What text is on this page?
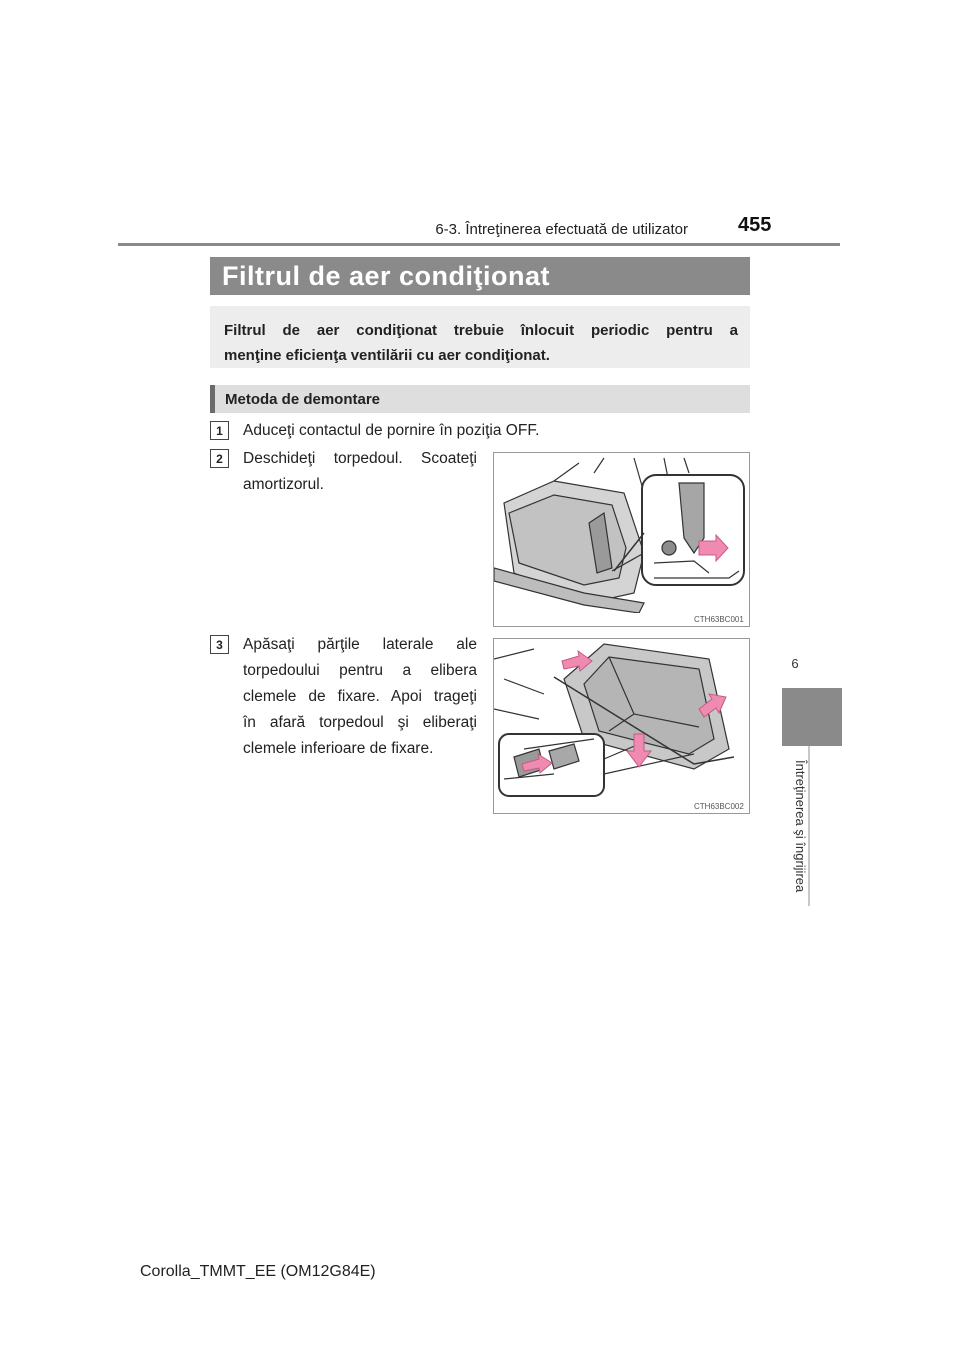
6-3. Întreţinerea efectuată de utilizator	455
6
Întreţinerea şi îngrijirea
Filtrul de aer condiţionat
Filtrul de aer condiţionat trebuie înlocuit periodic pentru a
menţine eficienţa ventilării cu aer condiţionat.
Metoda de demontare
1	Aduceţi contactul de pornire în poziţia OFF.
2	Deschideţi torpedoul. Scoateţi
amortizorul.
CTH63BC001
3	Apăsaţi părţile laterale ale
torpedoului pentru a elibera
clemele de fixare. Apoi trageţi
în afară torpedoul şi eliberaţi
clemele inferioare de fixare.
CTH63BC002
Corolla_TMMT_EE (OM12G84E)
